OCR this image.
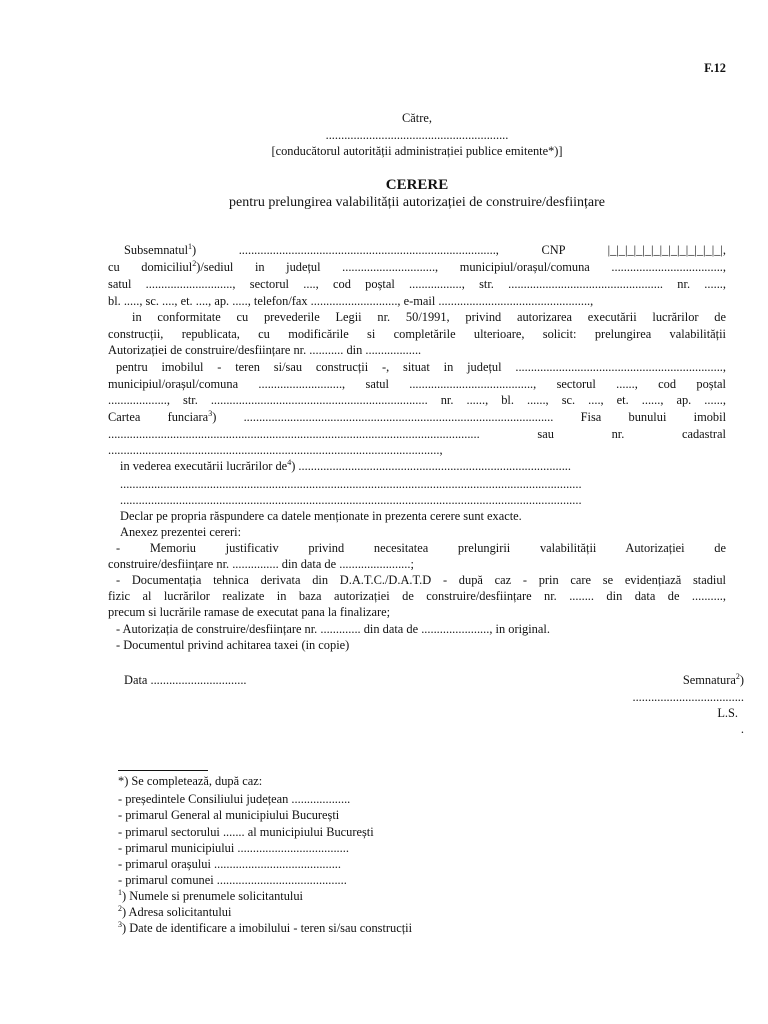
F.12
Către,
...........................................................
[conducătorul autorității administrației publice emitente*)]
CERERE
pentru prelungirea valabilității autorizației de construire/desființare
Subsemnatul$^1$) ..................................................................................., CNP |_|_|_|_|_|_|_|_|_|_|_|_|_|,
cu domiciliul$^2$)/sediul in județul .............................., municipiul/orașul/comuna ....................................,
satul ............................, sectorul ...., cod poștal ................., str. .................................................. nr. ......,
bl. ....., sc. ...., et. ...., ap. ....., telefon/fax ............................, e-mail .................................................,
in conformitate cu prevederile Legii nr. 50/1991, privind autorizarea executării lucrărilor de
construcții, republicata, cu modificările si completările ulterioare, solicit: prelungirea valabilității
Autorizației de construire/desființare nr. ........... din ..................
pentru imobilul - teren si/sau construcții -, situat in județul ...................................................................,
municipiul/orașul/comuna ..........................., satul ........................................, sectorul ......, cod poștal
..................., str. ...................................................................... nr. ......, bl. ......, sc. ...., et. ......, ap. ......,
Cartea funciara$^3$) .................................................................................................... Fisa bunului imobil
........................................................................................................................ sau nr. cadastral
...........................................................................................................,
in vederea executării lucrărilor $de^4$) ........................................................................................
.....................................................................................................................................................
.....................................................................................................................................................
Declar pe propria răspundere ca datele menționate in prezenta cerere sunt exacte.
Anexez prezentei cereri:
- Memoriu justificativ privind necesitatea prelungirii valabilității Autorizației de
construire/desființare nr. ............... din data de .......................;
- Documentația tehnica derivata din D.A.T.C./D.A.T.D - după caz - prin care se evidențiază stadiul
fizic al lucrărilor realizate in baza autorizației de construire/desființare nr. ........ din data de ..........,
precum si lucrările ramase de executat pana la finalizare;
- Autorizația de construire/desființare nr. ............. din data de ......................, in original.
- Documentul privind achitarea taxei (in copie)
Data ...............................	Semnatura$^2$)
....................................
L.S.
.
*) Se completează, după caz:
- președintele Consiliului județean ...................
- primarul General al municipiului București
- primarul sectorului ....... al municipiului București
- primarul municipiului ....................................
- primarul orașului .........................................
- primarul comunei ..........................................
$^1$) Numele si prenumele solicitantului
$^2$) Adresa solicitantului
$^3$) Date de identificare a imobilului - teren si/sau construcții
